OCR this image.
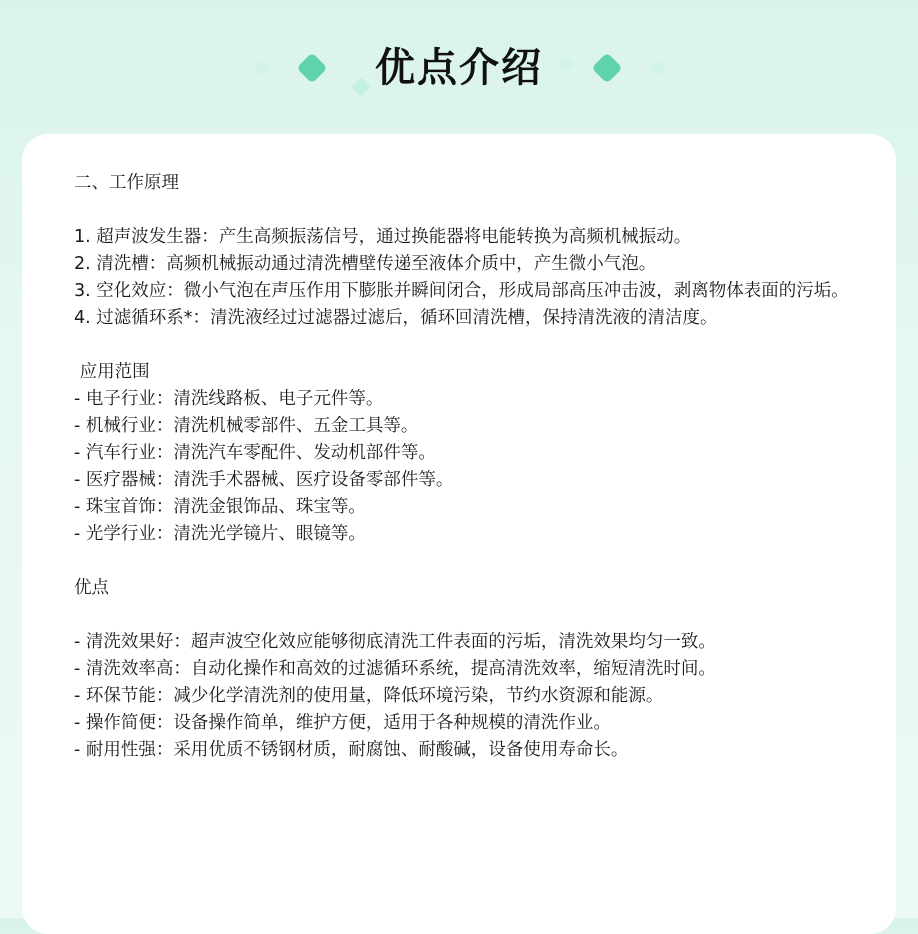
优点介绍
二、工作原理
1. 超声波发生器：产生高频振荡信号，通过换能器将电能转换为高频机械振动。
2. 清洗槽：高频机械振动通过清洗槽壁传递至液体介质中，产生微小气泡。
3. 空化效应：微小气泡在声压作用下膨胀并瞬间闭合，形成局部高压冲击波，剥离物体表面的污垢。
4. 过滤循环系*：清洗液经过过滤器过滤后，循环回清洗槽，保持清洗液的清洁度。
应用范围
- 电子行业：清洗线路板、电子元件等。
- 机械行业：清洗机械零部件、五金工具等。
- 汽车行业：清洗汽车零配件、发动机部件等。
- 医疗器械：清洗手术器械、医疗设备零部件等。
- 珠宝首饰：清洗金银饰品、珠宝等。
- 光学行业：清洗光学镜片、眼镜等。
优点
- 清洗效果好：超声波空化效应能够彻底清洗工件表面的污垢，清洗效果均匀一致。
- 清洗效率高：自动化操作和高效的过滤循环系统，提高清洗效率，缩短清洗时间。
- 环保节能：减少化学清洗剂的使用量，降低环境污染，节约水资源和能源。
- 操作简便：设备操作简单，维护方便，适用于各种规模的清洗作业。
- 耐用性强：采用优质不锈钢材质，耐腐蚀、耐酸碱，设备使用寿命长。
